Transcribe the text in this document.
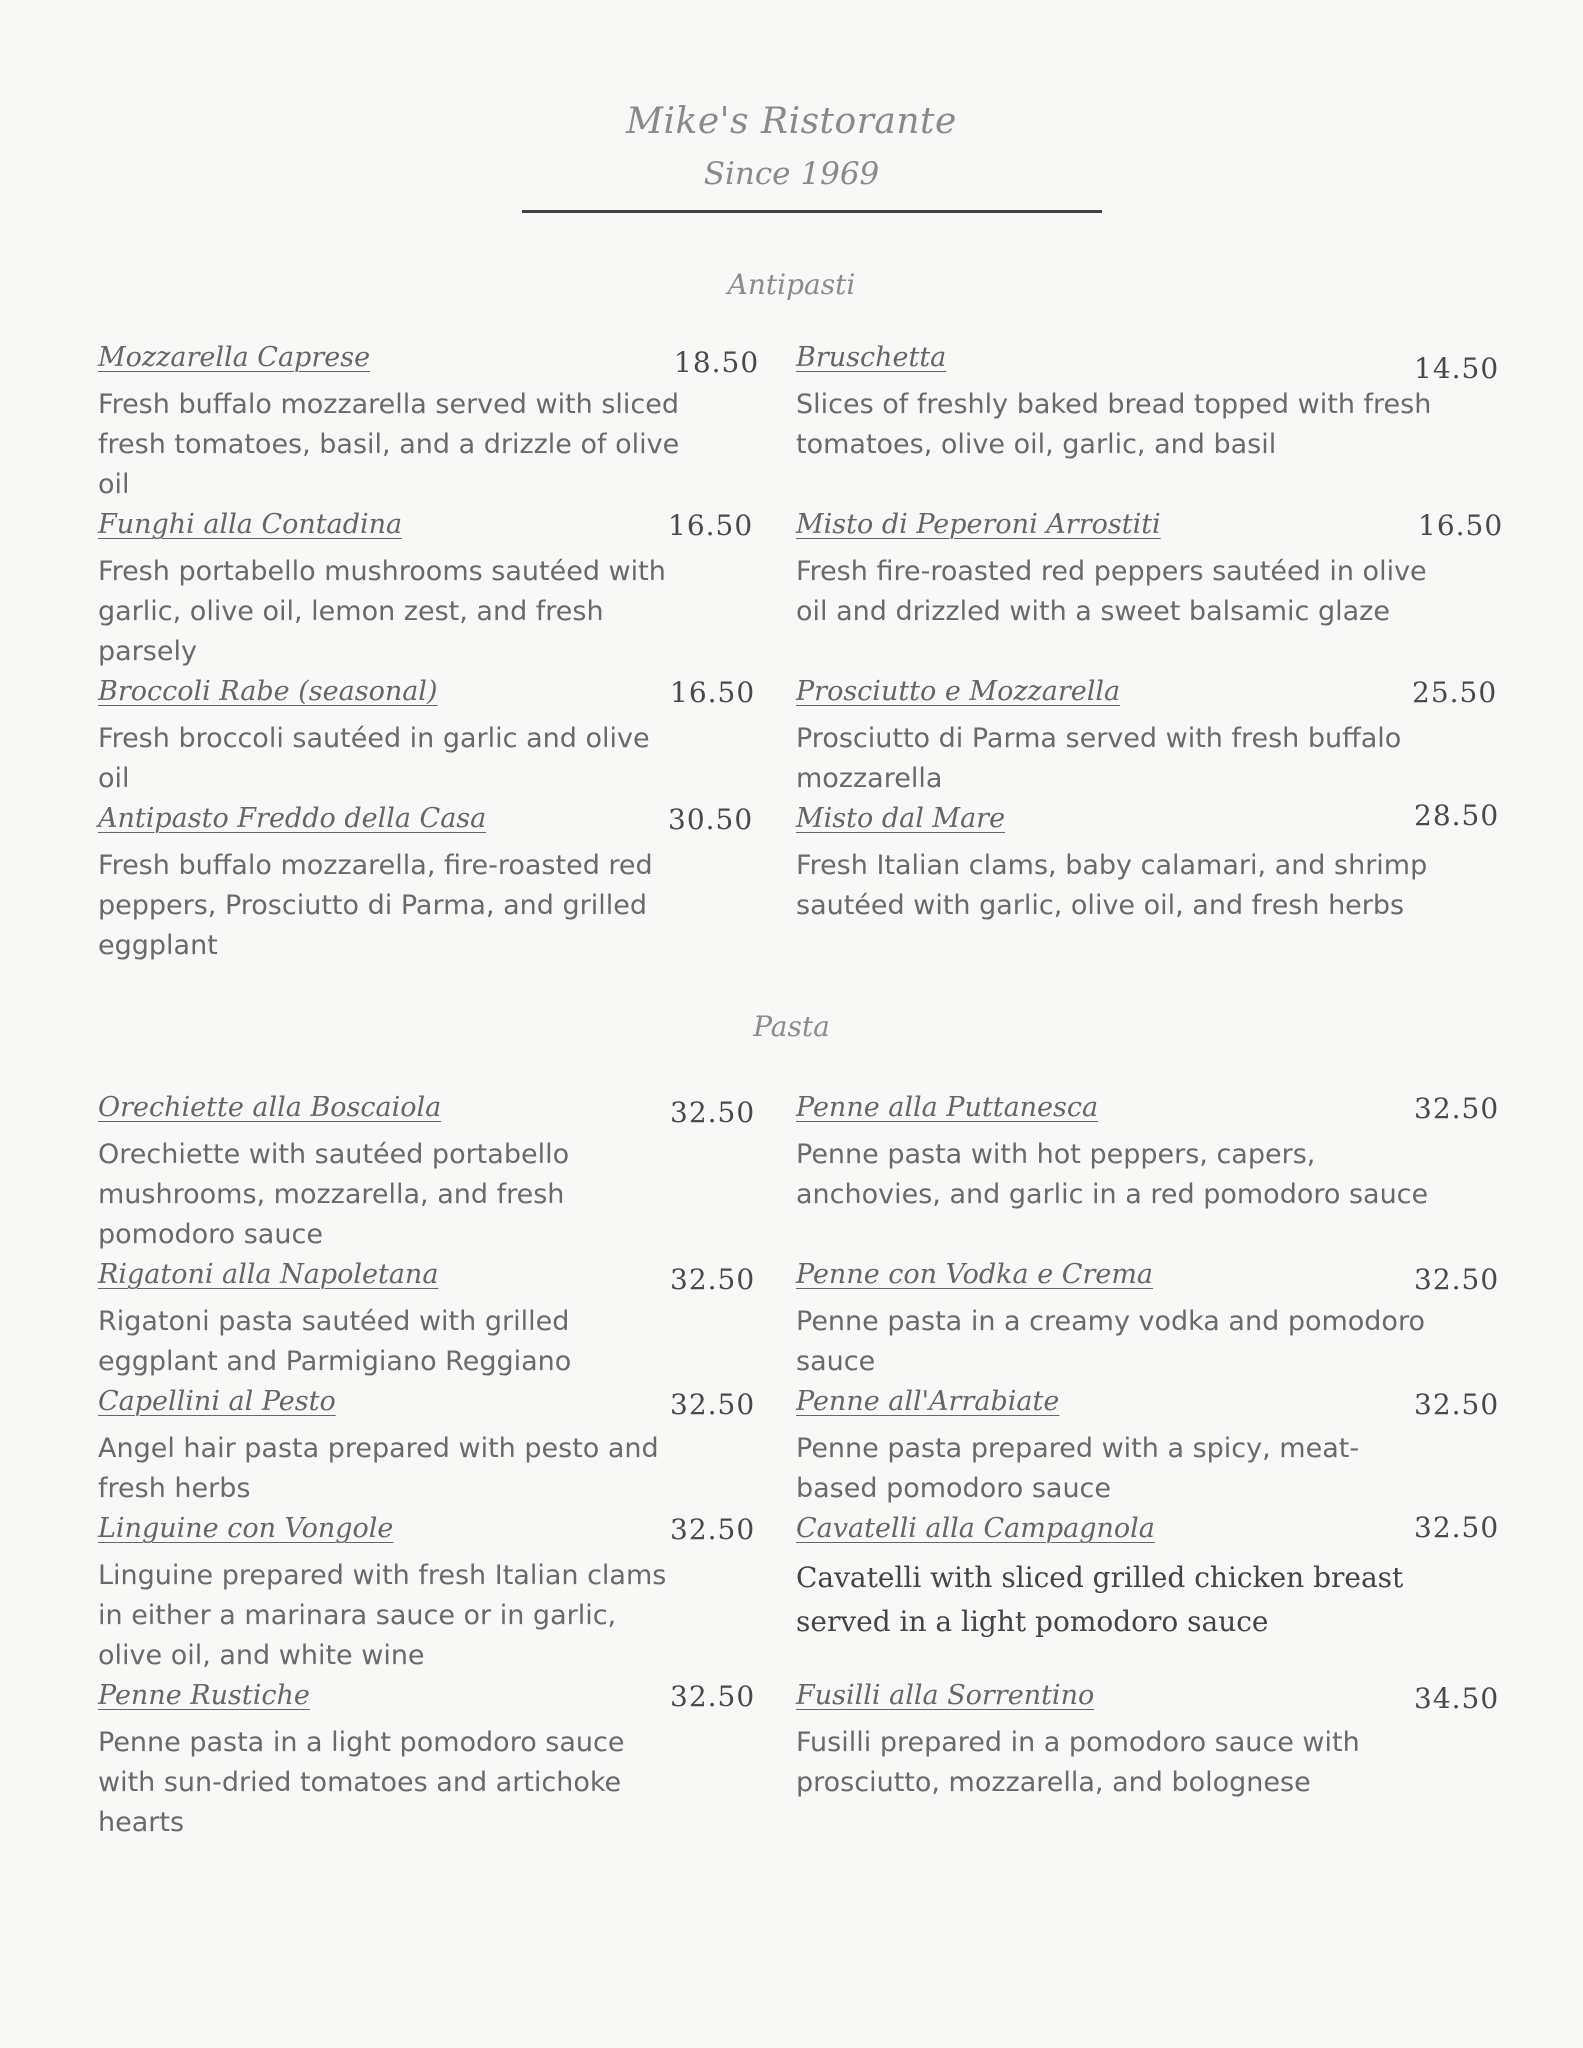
Mike's Ristorante
Since 1969
Antipasti
Mozzarella Caprese	18.50
Fresh buffalo mozzarella served with sliced fresh tomatoes, basil, and a drizzle of olive oil
Bruschetta	14.50
Slices of freshly baked bread topped with fresh tomatoes, olive oil, garlic, and basil
Funghi alla Contadina	16.50
Fresh portabello mushrooms sautéed with garlic, olive oil, lemon zest, and fresh parsely
Misto di Peperoni Arrostiti	16.50
Fresh fire-roasted red peppers sautéed in olive oil and drizzled with a sweet balsamic glaze
Broccoli Rabe (seasonal)	16.50
Fresh broccoli sautéed in garlic and olive oil
Prosciutto e Mozzarella	25.50
Prosciutto di Parma served with fresh buffalo mozzarella
Antipasto Freddo della Casa	30.50
Fresh buffalo mozzarella, fire-roasted red peppers, Prosciutto di Parma, and grilled eggplant
Misto dal Mare	28.50
Fresh Italian clams, baby calamari, and shrimp sautéed with garlic, olive oil, and fresh herbs
Pasta
Orechiette alla Boscaiola	32.50
Orechiette with sautéed portabello mushrooms, mozzarella, and fresh pomodoro sauce
Penne alla Puttanesca	32.50
Penne pasta with hot peppers, capers, anchovies, and garlic in a red pomodoro sauce
Rigatoni alla Napoletana	32.50
Rigatoni pasta sautéed with grilled eggplant and Parmigiano Reggiano
Penne con Vodka e Crema	32.50
Penne pasta in a creamy vodka and pomodoro sauce
Capellini al Pesto	32.50
Angel hair pasta prepared with pesto and fresh herbs
Penne all'Arrabiate	32.50
Penne pasta prepared with a spicy, meat-based pomodoro sauce
Linguine con Vongole	32.50
Linguine prepared with fresh Italian clams in either a marinara sauce or in garlic, olive oil, and white wine
Cavatelli alla Campagnola	32.50
Cavatelli with sliced grilled chicken breast served in a light pomodoro sauce
Penne Rustiche	32.50
Penne pasta in a light pomodoro sauce with sun-dried tomatoes and artichoke hearts
Fusilli alla Sorrentino	34.50
Fusilli prepared in a pomodoro sauce with prosciutto, mozzarella, and bolognese
